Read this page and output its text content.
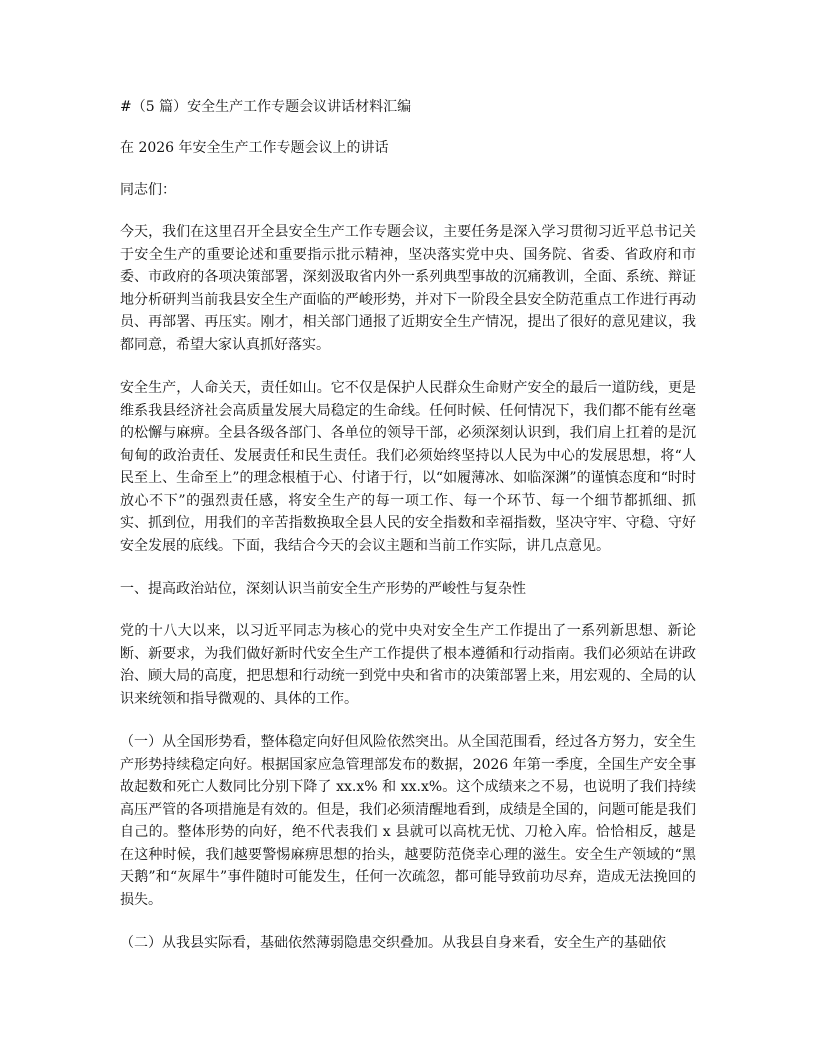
#（5 篇）安全生产工作专题会议讲话材料汇编

在 2026 年安全生产工作专题会议上的讲话

同志们：

今天，我们在这里召开全县安全生产工作专题会议，主要任务是深入学习贯彻习近平总书记关于安全生产的重要论述和重要指示批示精神，坚决落实党中央、国务院、省委、省政府和市委、市政府的各项决策部署，深刻汲取省内外一系列典型事故的沉痛教训，全面、系统、辩证地分析研判当前我县安全生产面临的严峻形势，并对下一阶段全县安全防范重点工作进行再动员、再部署、再压实。刚才，相关部门通报了近期安全生产情况，提出了很好的意见建议，我都同意，希望大家认真抓好落实。

安全生产，人命关天，责任如山。它不仅是保护人民群众生命财产安全的最后一道防线，更是维系我县经济社会高质量发展大局稳定的生命线。任何时候、任何情况下，我们都不能有丝毫的松懈与麻痹。全县各级各部门、各单位的领导干部，必须深刻认识到，我们肩上扛着的是沉甸甸的政治责任、发展责任和民生责任。我们必须始终坚持以人民为中心的发展思想，将“人民至上、生命至上”的理念根植于心、付诸于行，以“如履薄冰、如临深渊”的谨慎态度和“时时放心不下”的强烈责任感，将安全生产的每一项工作、每一个环节、每一个细节都抓细、抓实、抓到位，用我们的辛苦指数换取全县人民的安全指数和幸福指数，坚决守牢、守稳、守好安全发展的底线。下面，我结合今天的会议主题和当前工作实际，讲几点意见。

一、提高政治站位，深刻认识当前安全生产形势的严峻性与复杂性

党的十八大以来，以习近平同志为核心的党中央对安全生产工作提出了一系列新思想、新论断、新要求，为我们做好新时代安全生产工作提供了根本遵循和行动指南。我们必须站在讲政治、顾大局的高度，把思想和行动统一到党中央和省市的决策部署上来，用宏观的、全局的认识来统领和指导微观的、具体的工作。

（一）从全国形势看，整体稳定向好但风险依然突出。从全国范围看，经过各方努力，安全生产形势持续稳定向好。根据国家应急管理部发布的数据，2026 年第一季度，全国生产安全事故起数和死亡人数同比分别下降了 xx.x% 和 xx.x%。这个成绩来之不易，也说明了我们持续高压严管的各项措施是有效的。但是，我们必须清醒地看到，成绩是全国的，问题可能是我们自己的。整体形势的向好，绝不代表我们 x 县就可以高枕无忧、刀枪入库。恰恰相反，越是在这种时候，我们越要警惕麻痹思想的抬头，越要防范侥幸心理的滋生。安全生产领域的“黑天鹅”和“灰犀牛”事件随时可能发生，任何一次疏忽，都可能导致前功尽弃，造成无法挽回的损失。

（二）从我县实际看，基础依然薄弱隐患交织叠加。从我县自身来看，安全生产的基础依
